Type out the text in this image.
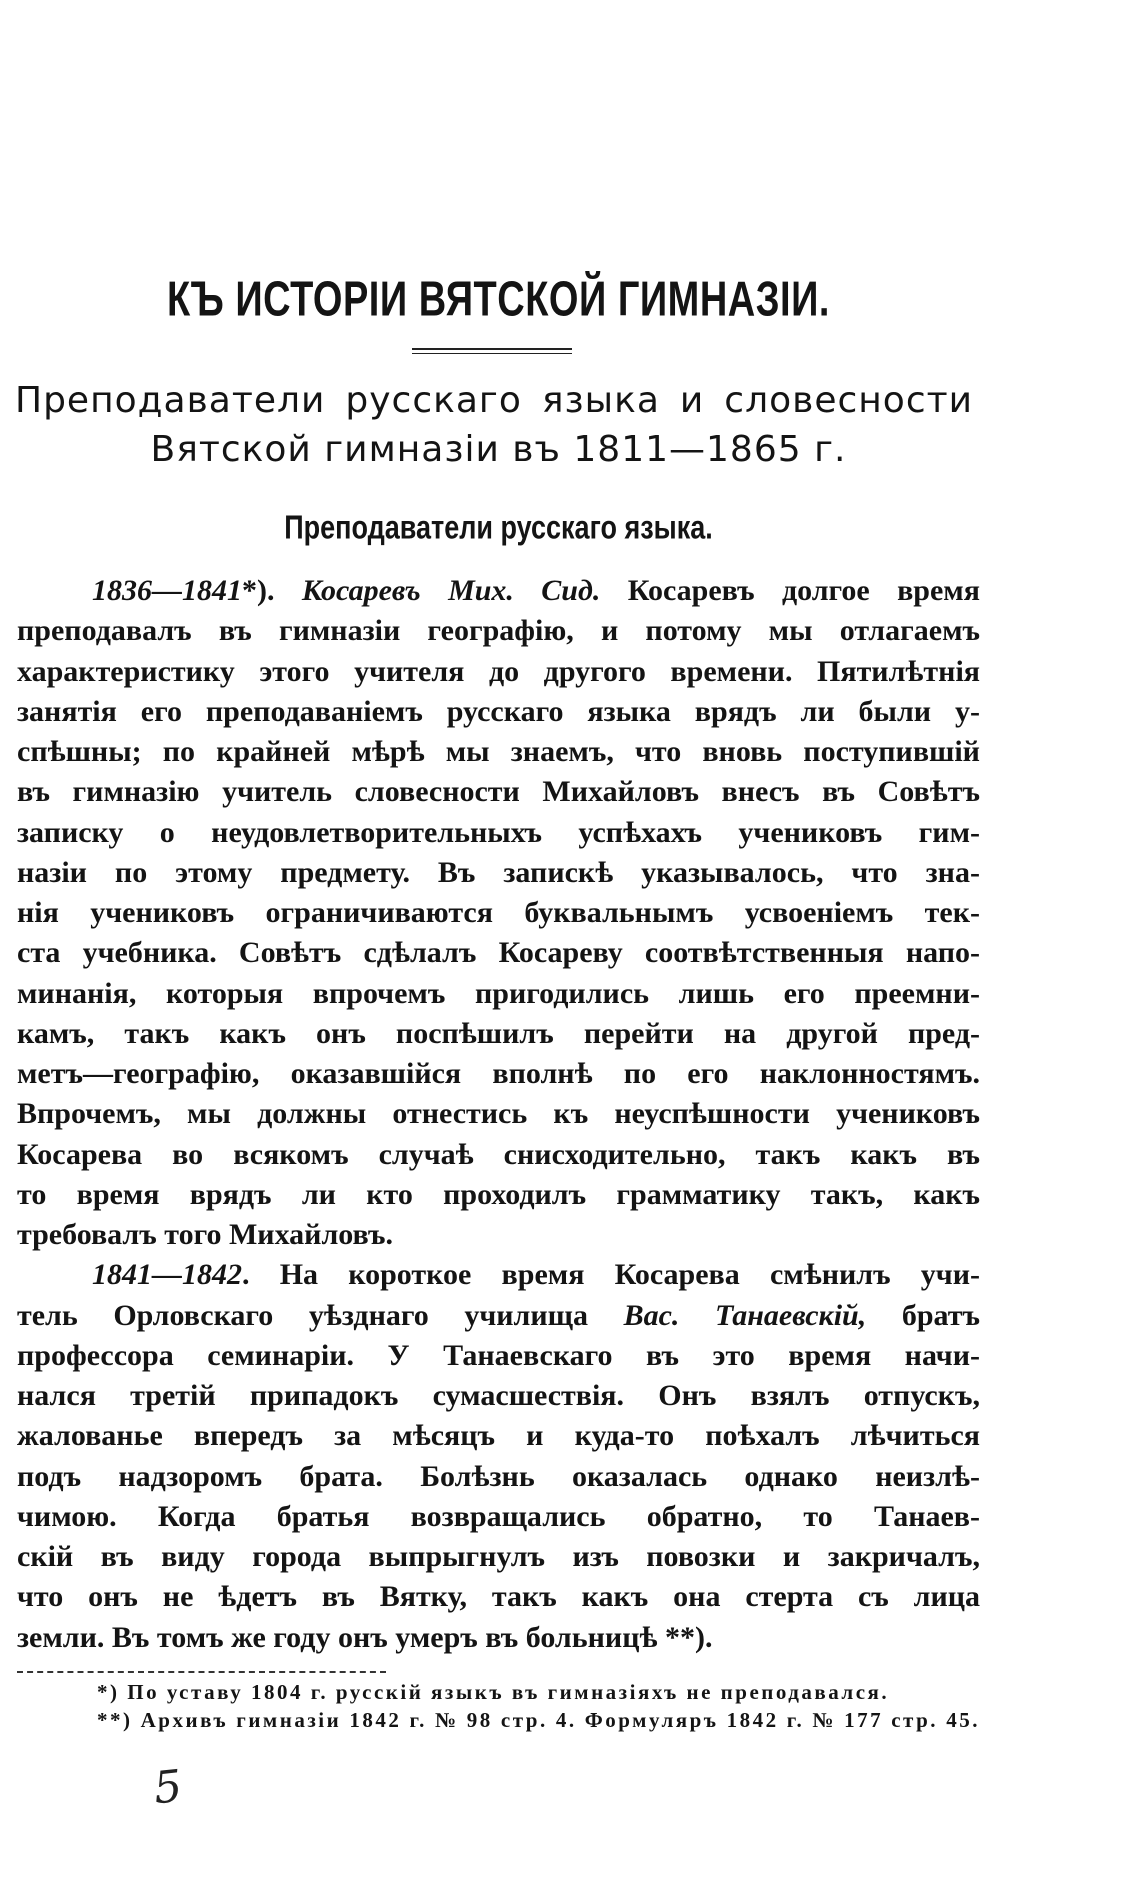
КЪ ИСТОРІИ ВЯТСКОЙ ГИМНАЗІИ.
Преподаватели русскаго языка и словесности
Вятской гимназіи въ 1811—1865 г.
Преподаватели русскаго языка.
1836—1841*). Косаревъ Мих. Сид. Косаревъ долгое время
преподавалъ въ гимназіи географію, и потому мы отлагаемъ
характеристику этого учителя до другого времени. Пятилѣтнія
занятія его преподаваніемъ русскаго языка врядъ ли были у-
спѣшны; по крайней мѣрѣ мы знаемъ, что вновь поступившій
въ гимназію учитель словесности Михайловъ внесъ въ Совѣтъ
записку о неудовлетворительныхъ успѣхахъ учениковъ гим-
назіи по этому предмету. Въ запискѣ указывалось, что зна-
нія учениковъ ограничиваются буквальнымъ усвоеніемъ тек-
ста учебника. Совѣтъ сдѣлалъ Косареву соотвѣтственныя напо-
минанія, которыя впрочемъ пригодились лишь его преемни-
камъ, такъ какъ онъ поспѣшилъ перейти на другой пред-
метъ—географію, оказавшійся вполнѣ по его наклонностямъ.
Впрочемъ, мы должны отнестись къ неуспѣшности учениковъ
Косарева во всякомъ случаѣ снисходительно, такъ какъ въ
то время врядъ ли кто проходилъ грамматику такъ, какъ
требовалъ того Михайловъ.
1841—1842. На короткое время Косарева смѣнилъ учи-
тель Орловскаго уѣзднаго училища Вас. Танаевскій, братъ
профессора семинаріи. У Танаевскаго въ это время начи-
нался третій припадокъ сумасшествія. Онъ взялъ отпускъ,
жалованье впередъ за мѣсяцъ и куда-то поѣхалъ лѣчиться
подъ надзоромъ брата. Болѣзнь оказалась однако неизлѣ-
чимою. Когда братья возвращались обратно, то Танаев-
скій въ виду города выпрыгнулъ изъ повозки и закричалъ,
что онъ не ѣдетъ въ Вятку, такъ какъ она стерта съ лица
земли. Въ томъ же году онъ умеръ въ больницѣ **).
*) По уставу 1804 г. русскій языкъ въ гимназіяхъ не преподавался.
**) Архивъ гимназіи 1842 г. № 98 стр. 4. Формуляръ 1842 г. № 177 стр. 45.
5
